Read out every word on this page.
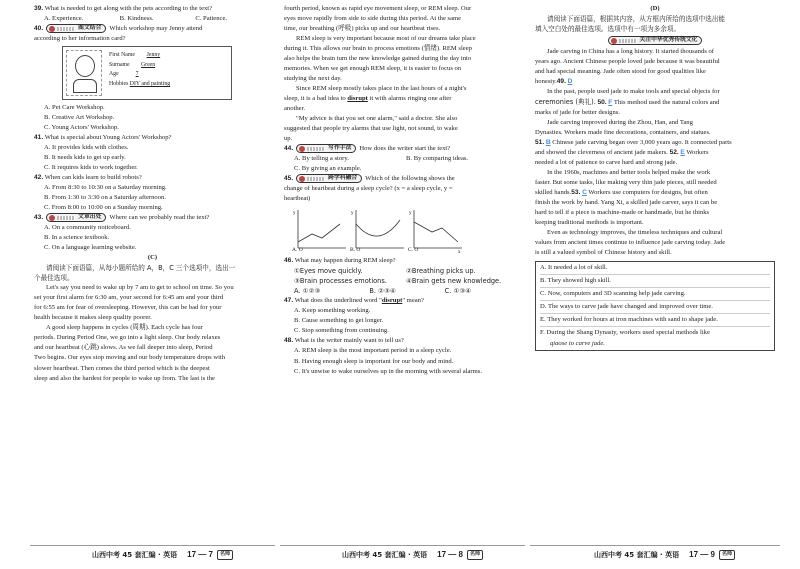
39. What is needed to get along with the pets according to the text?
A. Experience.	B. Kindness.	C. Patience.
40.	图文结合 Which workshop may Jenny attend
according to her information card?
First Name Jenny
Surname Green
Age	7
Hobbies DIY and painting
A. Pet Care Workshop.
B. Creative Art Workshop.
C. Young Actors' Workshop.
41. What is special about Young Actors' Workshop?
A. It provides kids with clothes.
B. It needs kids to get up early.
C. It requires kids to work together.
42. When can kids learn to build robots?
A. From 8:30 to 10:30 on a Saturday morning.
B. From 1:30 to 3:30 on a Saturday afternoon.
C. From 8:00 to 10:00 on a Sunday morning.
43.	文章出处 Where can we probably read the text?
A. On a community noticeboard.
B. In a science textbook.
C. On a language learning website.
(C)
请阅读下面语篇，从每小题所给的 A，B，C 三个选项中，选出一
个最佳选项。
Let's say you need to wake up by 7 am to get to school on time. So you
set your first alarm for 6:30 am, your second for 6:45 am and your third
for 6:55 am for fear of oversleeping. However, this can be bad for your
health because it makes sleep quality poorer.
A good sleep happens in cycles (周期). Each cycle has four
periods. During Period One, we go into a light sleep. Our body relaxes
and our heartbeat (心跳) slows. As we fall deeper into sleep, Period
Two begins. Our eyes stop moving and our body temperature drops with
slower heartbeat. Then comes the third period which is the deepest
sleep and also the hardest for people to wake up from. The last is the
fourth period, known as rapid eye movement sleep, or REM sleep. Our
eyes move rapidly from side to side during this period. At the same
time, our breathing (呼吸) picks up and our heartbeat rises.
REM sleep is very important because most of our dreams take place
during it. This allows our brain to process emotions (情绪). REM sleep
also helps the brain turn the new knowledge gained during the day into
memories. When we get enough REM sleep, it is easier to focus on
studying the next day.
Since REM sleep mostly takes place in the last hours of a night's
sleep, it is a bad idea to disrupt it with alarms ringing one after
another.
"My advice is that you set one alarm," said a doctor. She also
suggested that people try alarms that use light, not sound, to wake
up.
44.	写作手法 How does the writer start the text?
A. By telling a story.	B. By comparing ideas.
C. By giving an example.
45.	跨学科融合 Which of the following shows the
change of heartbeat during a sleep cycle? (x = a sleep cycle, y =
heartbeat)
y
A. O
y
B. O
y
x
C. O
46. What may happen during REM sleep?
①Eyes move quickly.	②Breathing picks up.
③Brain processes emotions.	④Brain gets new knowledge.
A. ①②③	B. ②③④	C. ①③④
47. What does the underlined word "disrupt" mean?
A. Keep something working.
B. Cause something to get longer.
C. Stop something from continuing.
48. What is the writer mainly want to tell us?
A. REM sleep is the most important period in a sleep cycle.
B. Having enough sleep is important for our body and mind.
C. It's unwise to wake ourselves up in the morning with several alarms.
(D)
请阅读下面语篇，根据其内容，从方框内所给的选项中选出能
填入空白处的最佳选项。选项中有一项为多余项。
关注中华优秀传统文化
Jade carving in China has a long history. It started thousands of
years ago. Ancient Chinese people loved jade because it was beautiful
and had special meaning. Jade often stood for good qualities like
honesty.49. D
In the past, people used jade to make tools and special objects for
ceremonies (典礼). 50. F This method used the natural colors and
marks of jade for better designs.
Jade carving improved during the Zhou, Han, and Tang
Dynasties. Workers made fine decorations, containers, and statues.
51. B Chinese jade carving began over 3,000 years ago. It connected parts
and showed the cleverness of ancient jade makers. 52. E Workers
needed a lot of patience to carve hard and strong jade.
In the 1960s, machines and better tools helped make the work
faster. But some tasks, like making very thin jade pieces, still needed
skilled hands.53. C Workers use computers for designs, but often
finish the work by hand. Yang Xi, a skilled jade carver, says it can be
hard to tell if a piece is machine-made or handmade, but he thinks
keeping traditional methods is important.
Even as technology improves, the timeless techniques and cultural
values from ancient times continue to influence jade carving today. Jade
is still a valued symbol of Chinese history and skill.
A. It needed a lot of skill.
B. They showed high skill.
C. Now, computers and 3D scanning help jade carving.
D. The ways to carve jade have changed and improved over time.
E. They worked for hours at iron machines with sand to shape jade.
F. During the Shang Dynasty, workers used special methods like
qiaose to carve jade.
山西中考 45 套汇编 · 英语 17 — 7	名师	山西中考 45 套汇编 · 英语 17 — 8	名师	山西中考 45 套汇编 · 英语 17 — 9	名师
